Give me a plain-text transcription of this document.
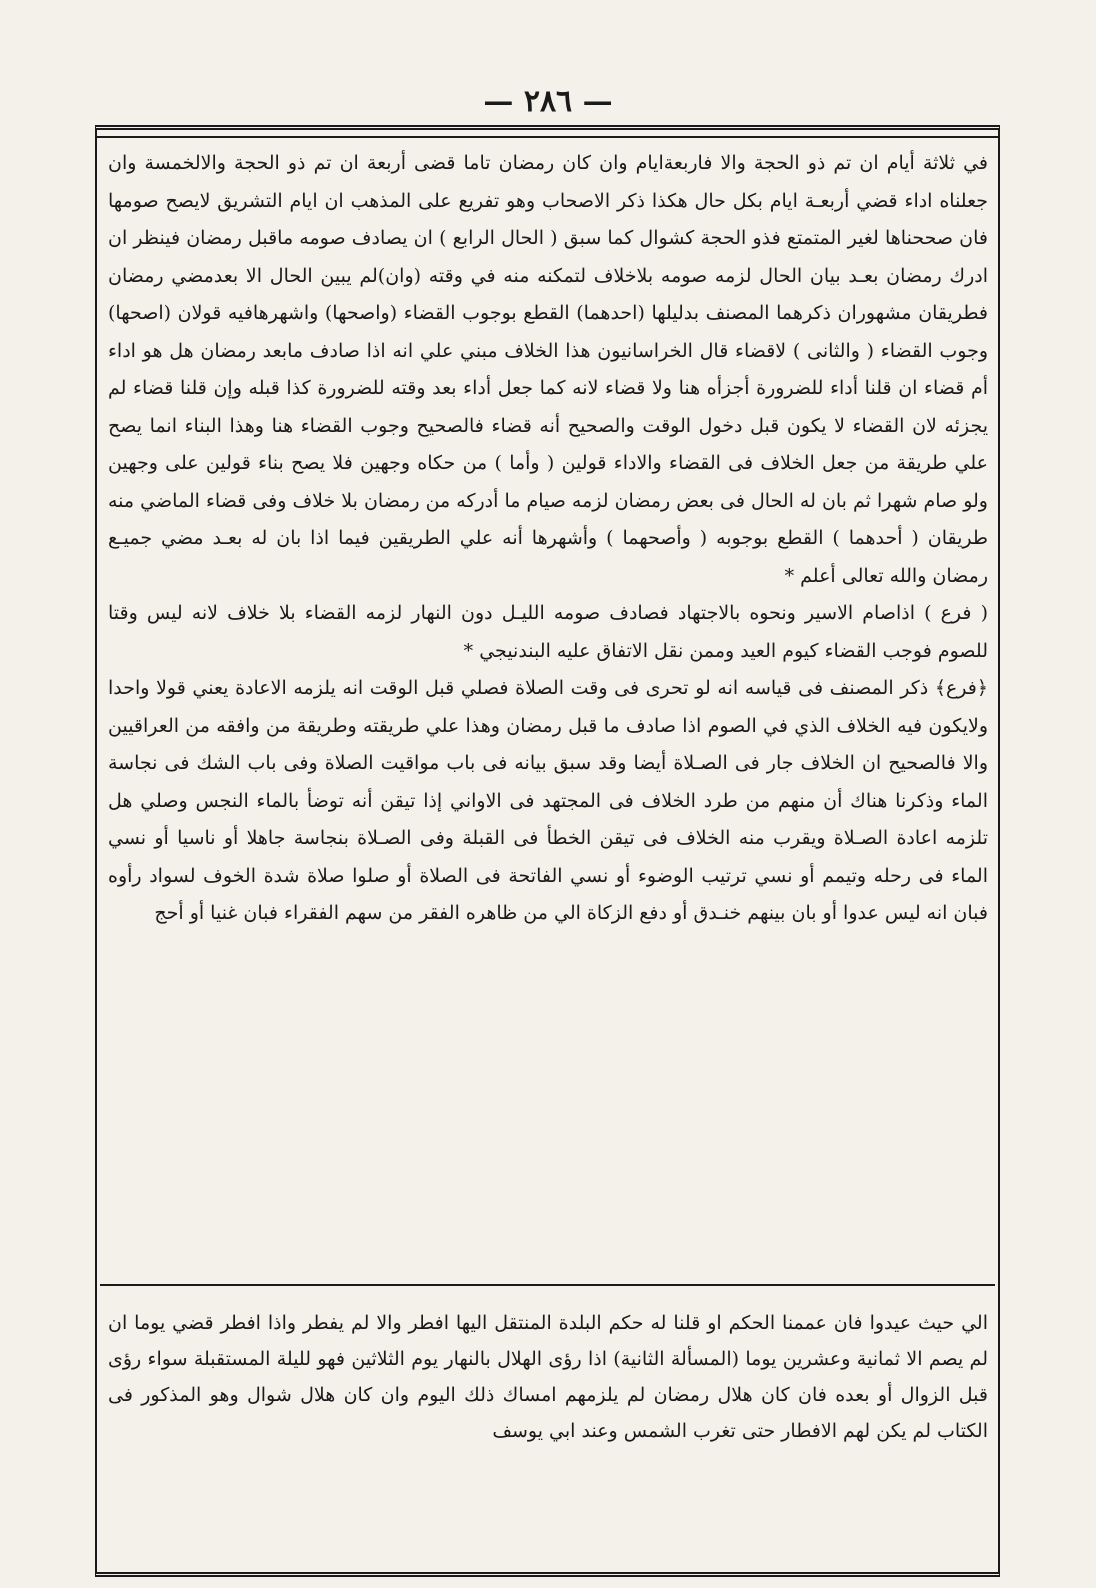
— ٢٨٦ —

في ثلاثة أيام ان تم ذو الحجة والا فاربعةايام وان كان رمضان تاما قضى أربعة ان تم ذو الحجة والالخمسة وان جعلناه اداء قضي أربعـة ايام بكل حال هكذا ذكر الاصحاب وهو تفريع على المذهب ان ايام التشريق لايصح صومها فان صححناها لغير المتمتع فذو الحجة كشوال كما سبق ( الحال الرابع ) ان يصادف صومه ماقبل رمضان فينظر ان ادرك رمضان بعـد بيان الحال لزمه صومه بلاخلاف لتمكنه منه في وقته (وان)لم يبين الحال الا بعدمضي رمضان فطريقان مشهوران ذكرهما المصنف بدليلها (احدهما) القطع بوجوب القضاء (واصحها) واشهرهافيه قولان (اصحها) وجوب القضاء ( والثانى ) لاقضاء قال الخراسانيون هذا الخلاف مبني علي انه اذا صادف مابعد رمضان هل هو اداء أم قضاء ان قلنا أداء للضرورة أجزأه هنا ولا قضاء لانه كما جعل أداء بعد وقته للضرورة كذا قبله وإن قلنا قضاء لم يجزئه لان القضاء لا يكون قبل دخول الوقت والصحيح أنه قضاء فالصحيح وجوب القضاء هنا وهذا البناء انما يصح علي طريقة من جعل الخلاف فى القضاء والاداء قولين ( وأما ) من حكاه وجهين فلا يصح بناء قولين على وجهين ولو صام شهرا ثم بان له الحال فى بعض رمضان لزمه صيام ما أدركه من رمضان بلا خلاف وفى قضاء الماضي منه طريقان ( أحدهما ) القطع بوجوبه ( وأصحهما ) وأشهرها أنه علي الطريقين فيما اذا بان له بعـد مضي جميـع رمضان والله تعالى أعلم *

( فرع ) اذاصام الاسير ونحوه بالاجتهاد فصادف صومه الليـل دون النهار لزمه القضاء بلا خلاف لانه ليس وقتا للصوم فوجب القضاء كيوم العيد وممن نقل الاتفاق عليه البندنيجي *

﴿فرع﴾ ذكر المصنف فى قياسه انه لو تحرى فى وقت الصلاة فصلي قبل الوقت انه يلزمه الاعادة يعني قولا واحدا ولايكون فيه الخلاف الذي في الصوم اذا صادف ما قبل رمضان وهذا علي طريقته وطريقة من وافقه من العراقيين والا فالصحيح ان الخلاف جار فى الصـلاة أيضا وقد سبق بيانه فى باب مواقيت الصلاة وفى باب الشك فى نجاسة الماء وذكرنا هناك أن منهم من طرد الخلاف فى المجتهد فى الاواني إذا تيقن أنه توضأ بالماء النجس وصلي هل تلزمه اعادة الصـلاة ويقرب منه الخلاف فى تيقن الخطأ فى القبلة وفى الصـلاة بنجاسة جاهلا أو ناسيا أو نسي الماء فى رحله وتيمم أو نسي ترتيب الوضوء أو نسي الفاتحة فى الصلاة أو صلوا صلاة شدة الخوف لسواد رأوه فبان انه ليس عدوا أو بان بينهم خنـدق أو دفع الزكاة الي من ظاهره الفقر من سهم الفقراء فبان غنيا أو أحج

الي حيث عيدوا فان عممنا الحكم او قلنا له حكم البلدة المنتقل اليها افطر والا لم يفطر واذا افطر قضي يوما ان لم يصم الا ثمانية وعشرين يوما (المسألة الثانية) اذا رؤى الهلال بالنهار يوم الثلاثين فهو لليلة المستقبلة سواء رؤى قبل الزوال أو بعده فان كان هلال رمضان لم يلزمهم امساك ذلك اليوم وان كان هلال شوال وهو المذكور فى الكتاب لم يكن لهم الافطار حتى تغرب الشمس وعند ابي يوسف
